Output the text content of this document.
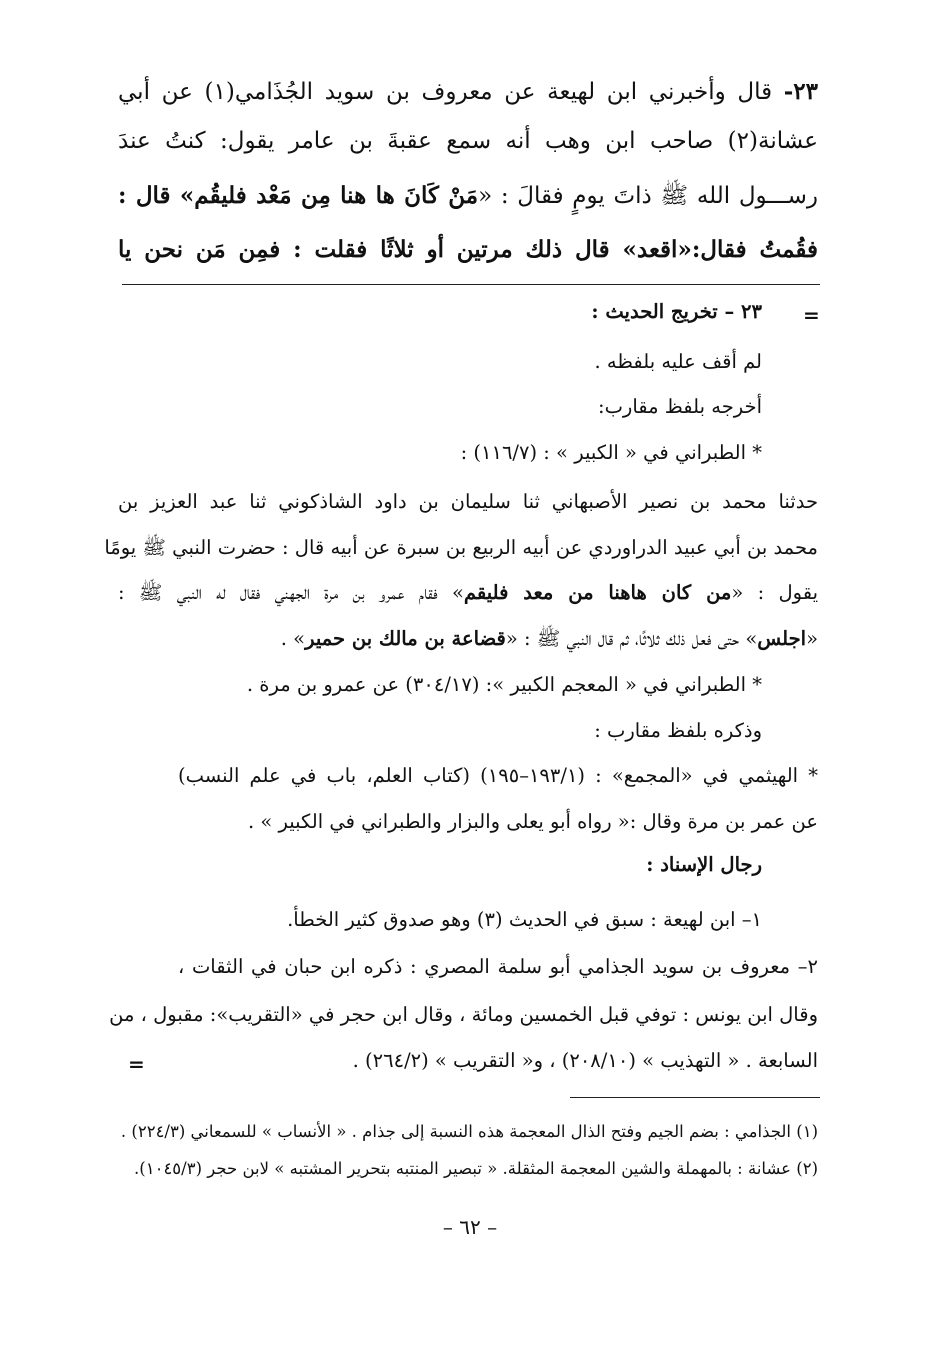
٢٣- قال وأخبرني ابن لهيعة عن معروف بن سويد الجُذَامي(١) عن أبي
عشانة(٢) صاحب ابن وهب أنه سمع عقبةَ بن عامر يقول: كنتُ عندَ
رســـول الله ﷺ ذاتَ يومٍ فقالَ : «مَنْ كَانَ ها هنا مِن مَعْد فليقُم» قال :
فقُمتُ فقال:«اقعد» قال ذلك مرتين أو ثلاثًا فقلت : فمِن مَن نحن يا
=
٢٣ – تخريج الحديث :
لم أقف عليه بلفظه .
أخرجه بلفظ مقارب:
* الطبراني في « الكبير » : (١١٦/٧) :
حدثنا محمد بن نصير الأصبهاني ثنا سليمان بن داود الشاذكوني ثنا عبد العزيز بن
محمد بن أبي عبيد الدراوردي عن أبيه الربيع بن سبرة عن أبيه قال : حضرت النبي ﷺ يومًا
يقول : «من كان هاهنا من معد فليقم» فقام عمرو بن مرة الجهني فقال له النبي ﷺ :
«اجلس» حتى فعل ذلك ثلاثًا، ثم قال النبي ﷺ : «قضاعة بن مالك بن حمير» .
* الطبراني في « المعجم الكبير »: (٣٠٤/١٧) عن عمرو بن مرة .
وذكره بلفظ مقارب :
* الهيثمي في «المجمع» : (١٩٣/١–١٩٥) (كتاب العلم، باب في علم النسب)
عن عمر بن مرة وقال :« رواه أبو يعلى والبزار والطبراني في الكبير » .
رجال الإسناد :
١– ابن لهيعة : سبق في الحديث (٣) وهو صدوق كثير الخطأ.
٢– معروف بن سويد الجذامي أبو سلمة المصري : ذكره ابن حبان في الثقات ،
وقال ابن يونس : توفي قبل الخمسين ومائة ، وقال ابن حجر في «التقريب»: مقبول ، من
السابعة . « التهذيب » (٢٠٨/١٠) ، و« التقريب » (٢٦٤/٢) .
=
(١) الجذامي : بضم الجيم وفتح الذال المعجمة هذه النسبة إلى جذام . « الأنساب » للسمعاني (٢٢٤/٣) .
(٢) عشانة : بالمهملة والشين المعجمة المثقلة. « تبصير المنتبه بتحرير المشتبه » لابن حجر (١٠٤٥/٣).
– ٦٢ –
